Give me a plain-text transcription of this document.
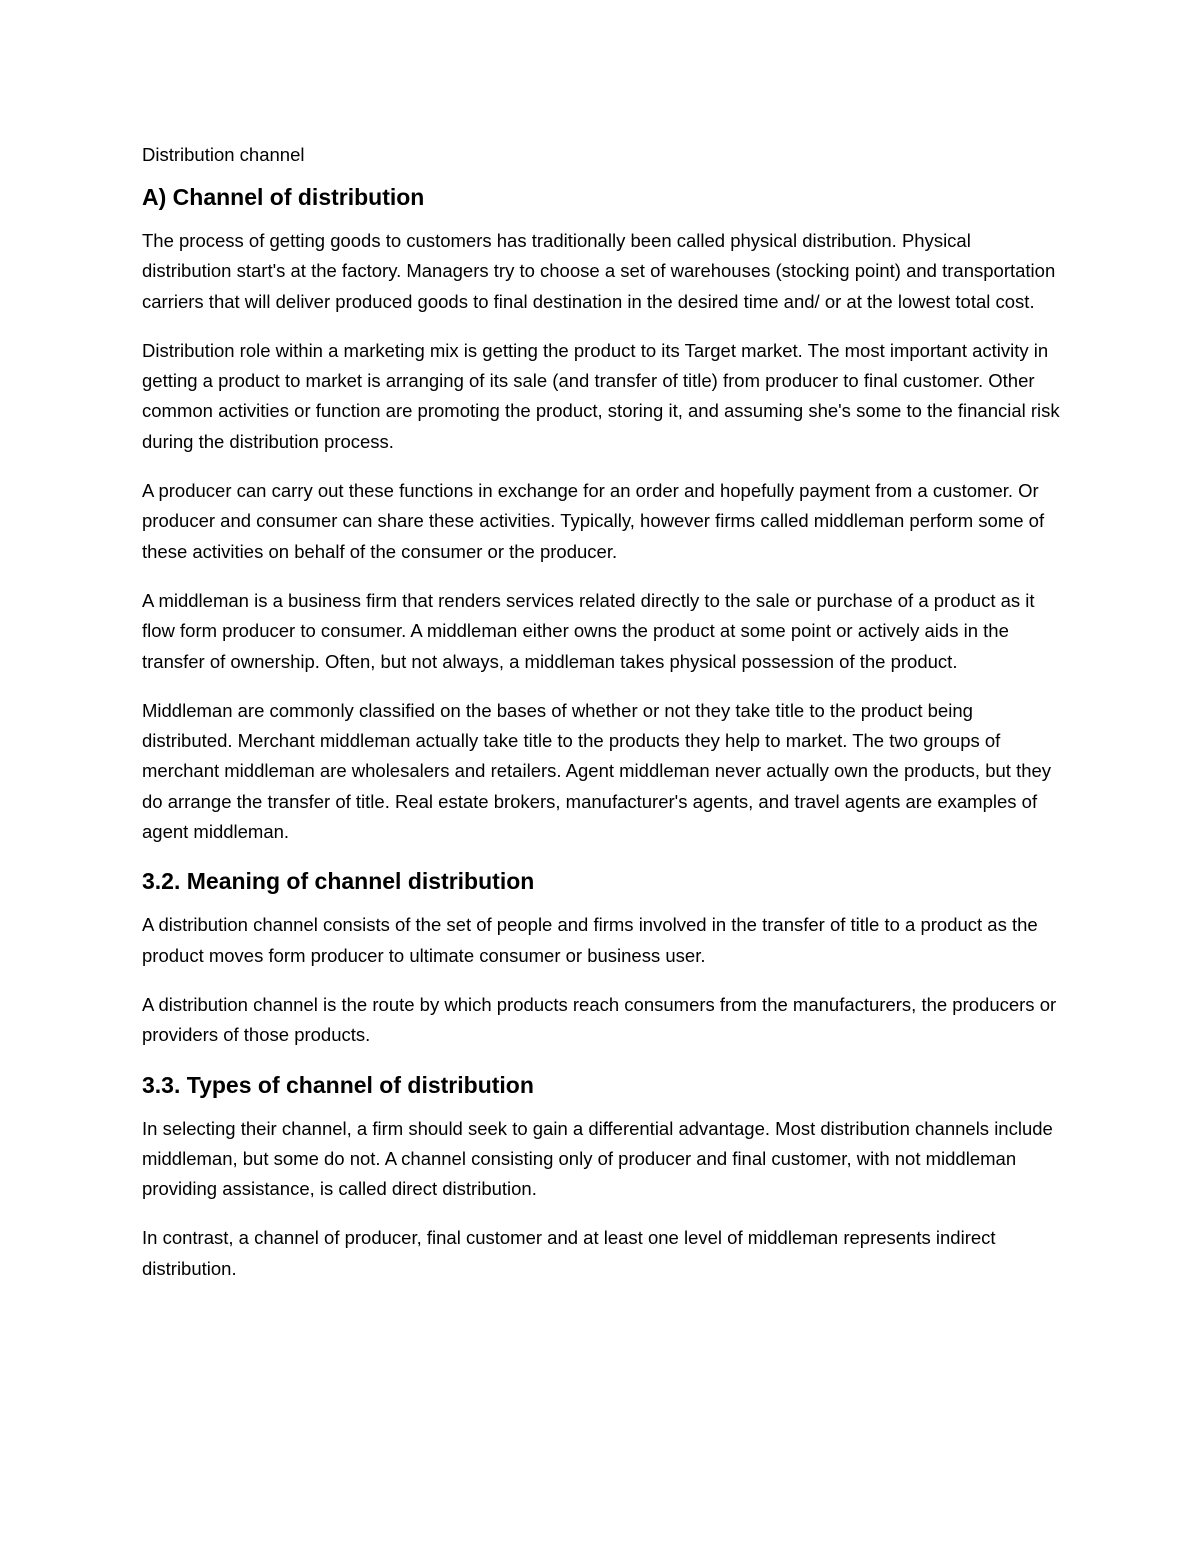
Distribution channel
A) Channel of distribution

The process of getting goods to customers has traditionally been called physical distribution. Physical distribution start's at the factory. Managers try to choose a set of warehouses (stocking point) and transportation carriers that will deliver produced goods to final destination in the desired time and/ or at the lowest total cost.

Distribution role within a marketing mix is getting the product to its Target market. The most important activity in getting a product to market is arranging of its sale (and transfer of title) from producer to final customer. Other common activities or function are promoting the product, storing it, and assuming she's some to the financial risk during the distribution process.

A producer can carry out these functions in exchange for an order and hopefully payment from a customer. Or producer and consumer can share these activities. Typically, however firms called middleman perform some of these activities on behalf of the consumer or the producer.

A middleman is a business firm that renders services related directly to the sale or purchase of a product as it flow form producer to consumer. A middleman either owns the product at some point or actively aids in the transfer of ownership. Often, but not always, a middleman takes physical possession of the product.

Middleman are commonly classified on the bases of whether or not they take title to the product being distributed. Merchant middleman actually take title to the products they help to market. The two groups of merchant middleman are wholesalers and retailers. Agent middleman never actually own the products, but they do arrange the transfer of title. Real estate brokers, manufacturer's agents, and travel agents are examples of agent middleman.

3.2. Meaning of channel distribution

A distribution channel consists of the set of people and firms involved in the transfer of title to a product as the product moves form producer to ultimate consumer or business user.

A distribution channel is the route by which products reach consumers from the manufacturers, the producers or providers of those products.

3.3. Types of channel of distribution

In selecting their channel, a firm should seek to gain a differential advantage. Most distribution channels include middleman, but some do not. A channel consisting only of producer and final customer, with not middleman providing assistance, is called direct distribution.

In contrast, a channel of producer, final customer and at least one level of middleman represents indirect distribution.
